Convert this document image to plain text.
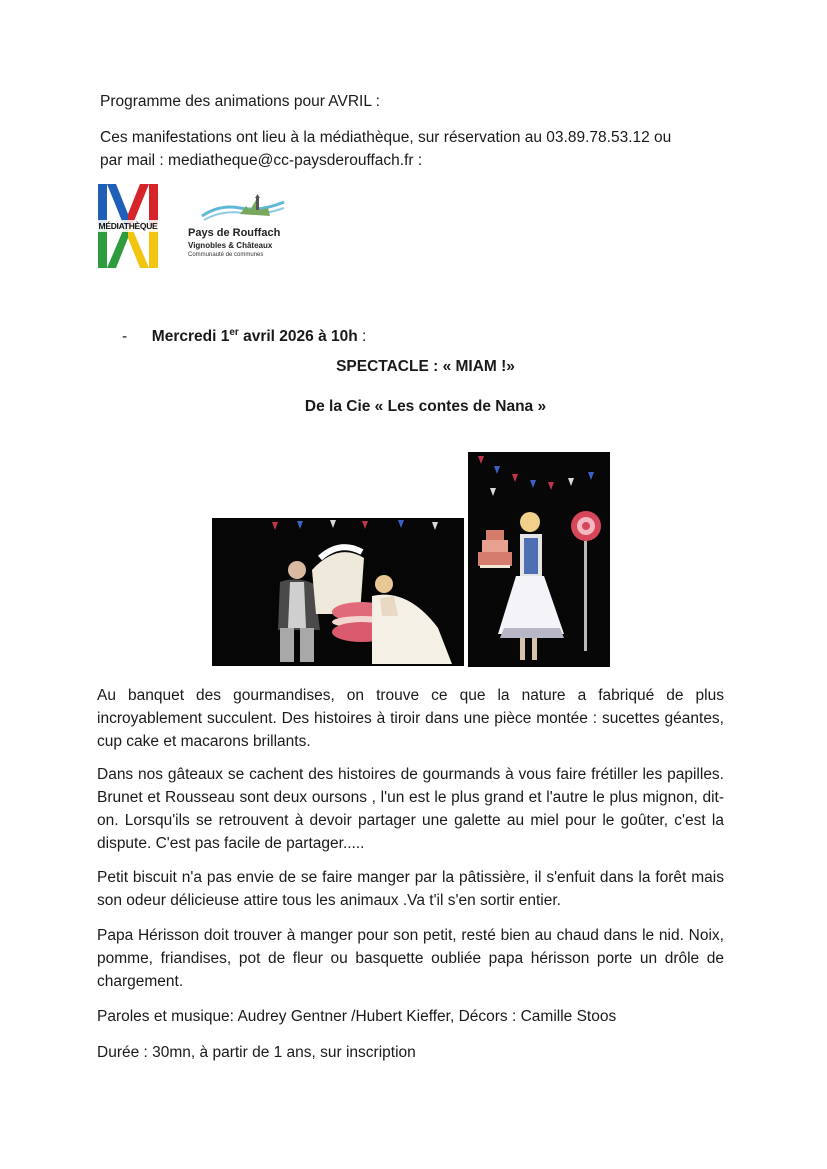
Programme des animations pour AVRIL :
Ces manifestations ont lieu à la médiathèque, sur réservation au 03.89.78.53.12 ou
par mail : mediatheque@cc-paysderouffach.fr :
MÉDIATHÈQUE
Pays de Rouffach
Vignobles & Châteaux
Communauté de communes
- Mercredi 1er avril 2026 à 10h :
SPECTACLE : « MIAM !»
De la Cie « Les contes de Nana »
Au banquet des gourmandises, on trouve ce que la nature a fabriqué de plus incroyablement succulent. Des histoires à tiroir dans une pièce montée : sucettes géantes, cup cake et macarons brillants.
Dans nos gâteaux se cachent des histoires de gourmands à vous faire frétiller les papilles. Brunet et Rousseau sont deux oursons , l'un est le plus grand et l'autre le plus mignon, dit-on. Lorsqu'ils se retrouvent à devoir partager une galette au miel pour le goûter, c'est la dispute. C'est pas facile de partager.....
Petit biscuit n'a pas envie de se faire manger par la pâtissière, il s'enfuit dans la forêt mais son odeur délicieuse attire tous les animaux .Va t'il s'en sortir entier.
Papa Hérisson doit trouver à manger pour son petit, resté bien au chaud dans le nid. Noix, pomme, friandises, pot de fleur ou basquette oubliée papa hérisson porte un drôle de chargement.
Paroles et musique: Audrey Gentner /Hubert Kieffer, Décors : Camille Stoos
Durée : 30mn, à partir de 1 ans, sur inscription
